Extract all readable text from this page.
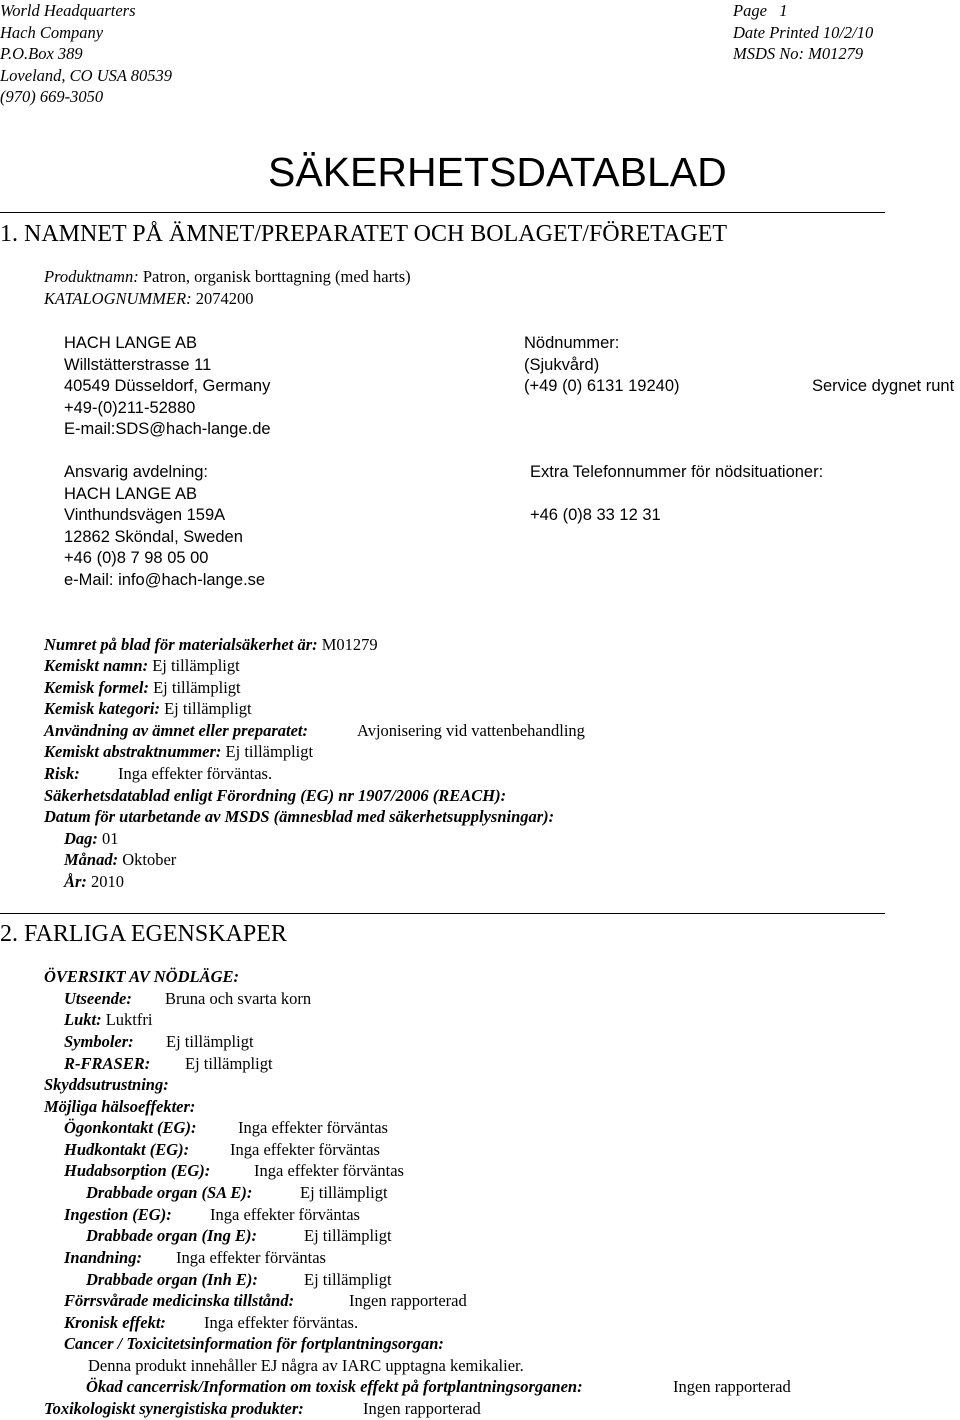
World Headquarters
Hach Company
P.O.Box 389
Loveland, CO USA 80539
(970) 669-3050
Page 1
Date Printed 10/2/10
MSDS No: M01279
SÄKERHETSDATABLAD
1. NAMNET PÅ ÄMNET/PREPARATET OCH BOLAGET/FÖRETAGET
Produktnamn: Patron, organisk borttagning (med harts)
KATALOGNUMMER: 2074200
HACH LANGE AB
Willstätterstrasse 11
40549 Düsseldorf, Germany
+49-(0)211-52880
E-mail:SDS@hach-lange.de
Nödnummer:
(Sjukvård)
(+49 (0) 6131 19240)	Service dygnet runt
Ansvarig avdelning:
HACH LANGE AB
Vinthundsvägen 159A
12862 Sköndal, Sweden
+46 (0)8 7 98 05 00
e-Mail: info@hach-lange.se
Extra Telefonnummer för nödsituationer:
+46 (0)8 33 12 31
Numret på blad för materialsäkerhet är: M01279
Kemiskt namn: Ej tillämpligt
Kemisk formel: Ej tillämpligt
Kemisk kategori: Ej tillämpligt
Användning av ämnet eller preparatet:	Avjonisering vid vattenbehandling
Kemiskt abstraktnummer: Ej tillämpligt
Risk: Inga effekter förväntas.
Säkerhetsdatablad enligt Förordning (EG) nr 1907/2006 (REACH):
Datum för utarbetande av MSDS (ämnesblad med säkerhetsupplysningar):
Dag: 01
Månad: Oktober
År: 2010
2. FARLIGA EGENSKAPER
ÖVERSIKT AV NÖDLÄGE:
Utseende: Bruna och svarta korn
Lukt: Luktfri
Symboler: Ej tillämpligt
R-FRASER: Ej tillämpligt
Skyddsutrustning:
Möjliga hälsoeffekter:
Ögonkontakt (EG):	Inga effekter förväntas
Hudkontakt (EG): Inga effekter förväntas
Hudabsorption (EG):	Inga effekter förväntas
Drabbade organ (SA E):	Ej tillämpligt
Ingestion (EG): Inga effekter förväntas
Drabbade organ (Ing E):	Ej tillämpligt
Inandning: Inga effekter förväntas
Drabbade organ (Inh E):	Ej tillämpligt
Förrsvårade medicinska tillstånd:	Ingen rapporterad
Kronisk effekt: Inga effekter förväntas.
Cancer / Toxicitetsinformation för fortplantningsorgan:
Denna produkt innehåller EJ några av IARC upptagna kemikalier.
Ökad cancerrisk/Information om toxisk effekt på fortplantningsorganen:	Ingen rapporterad
Toxikologiskt synergistiska produkter:	Ingen rapporterad
